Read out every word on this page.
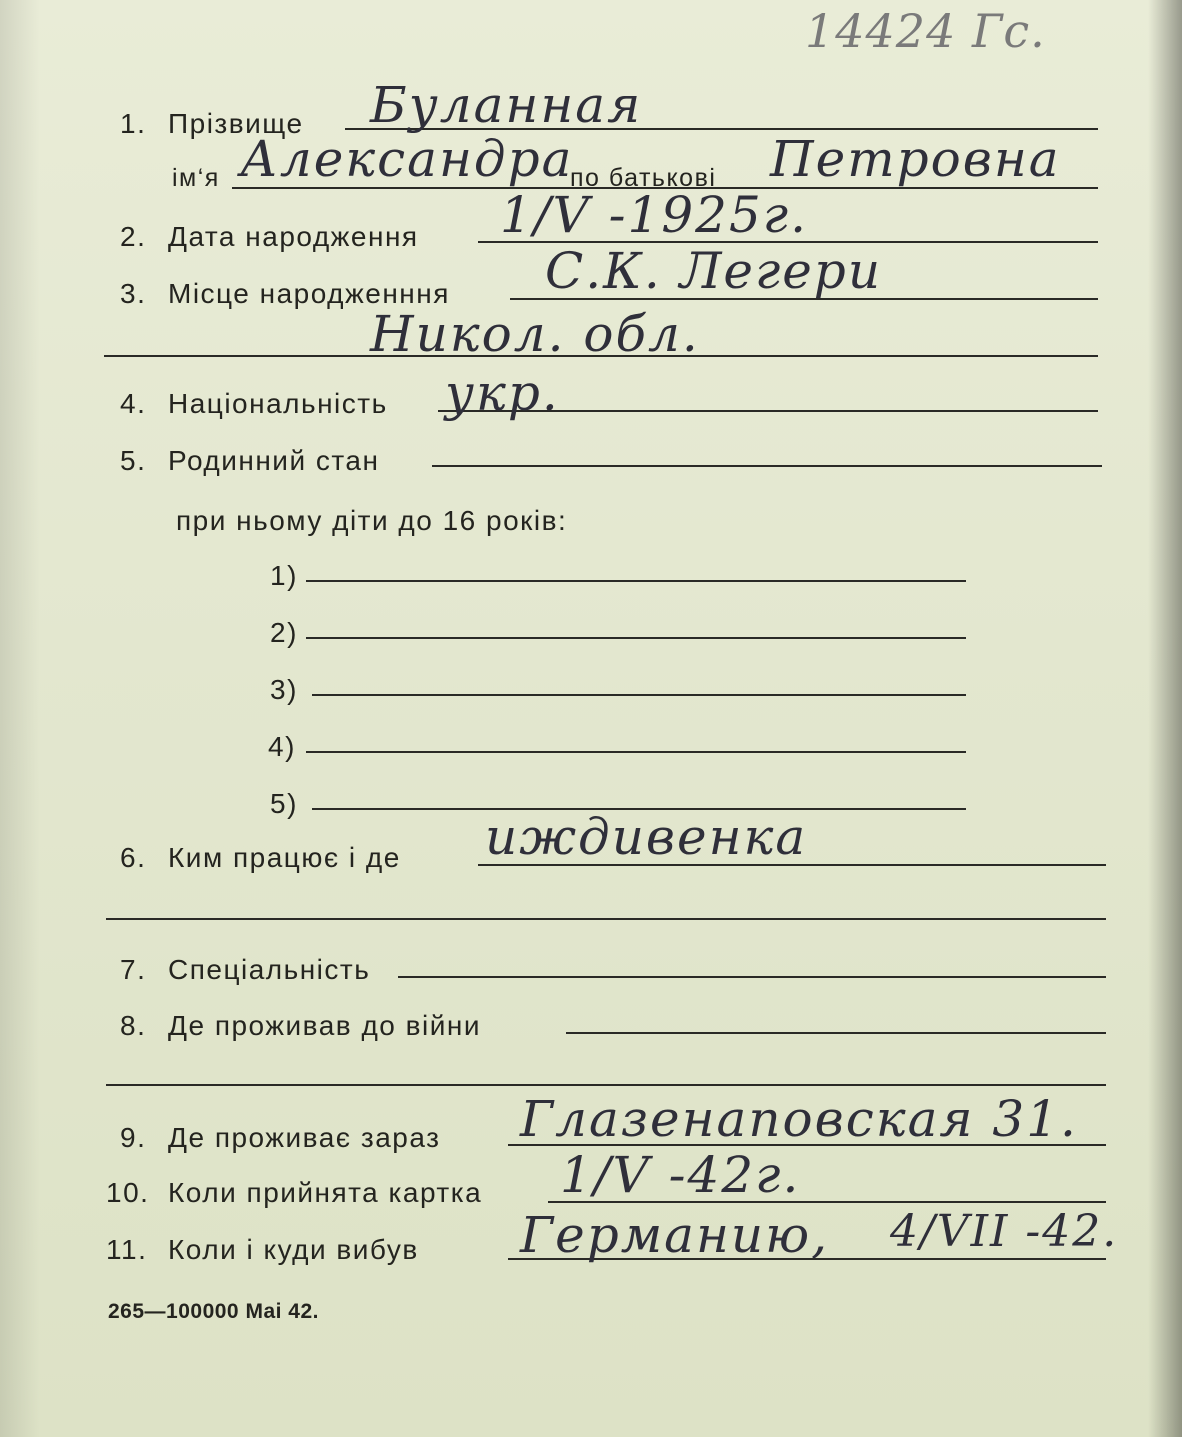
14424 Гс.
1. Прізвище Буланная
ім‘я	по батькові
Александра	Петровна
2. Дата народження 1/V -1925г.
3. Місце народженння С.К. Легери
Никол. обл.
4. Національність укр.
5. Родинний стан
при ньому діти до 16 років:
1)
2)
3)
4)
5)
6. Ким працює і де иждивенка
7. Спеціальність
8. Де проживав до війни
9. Де проживає зараз Глазенаповская 31.
10. Коли прийнята картка 1/V -42г.
11. Коли і куди вибув Германию, 4/VII -42.
265—100000 Mai 42.
